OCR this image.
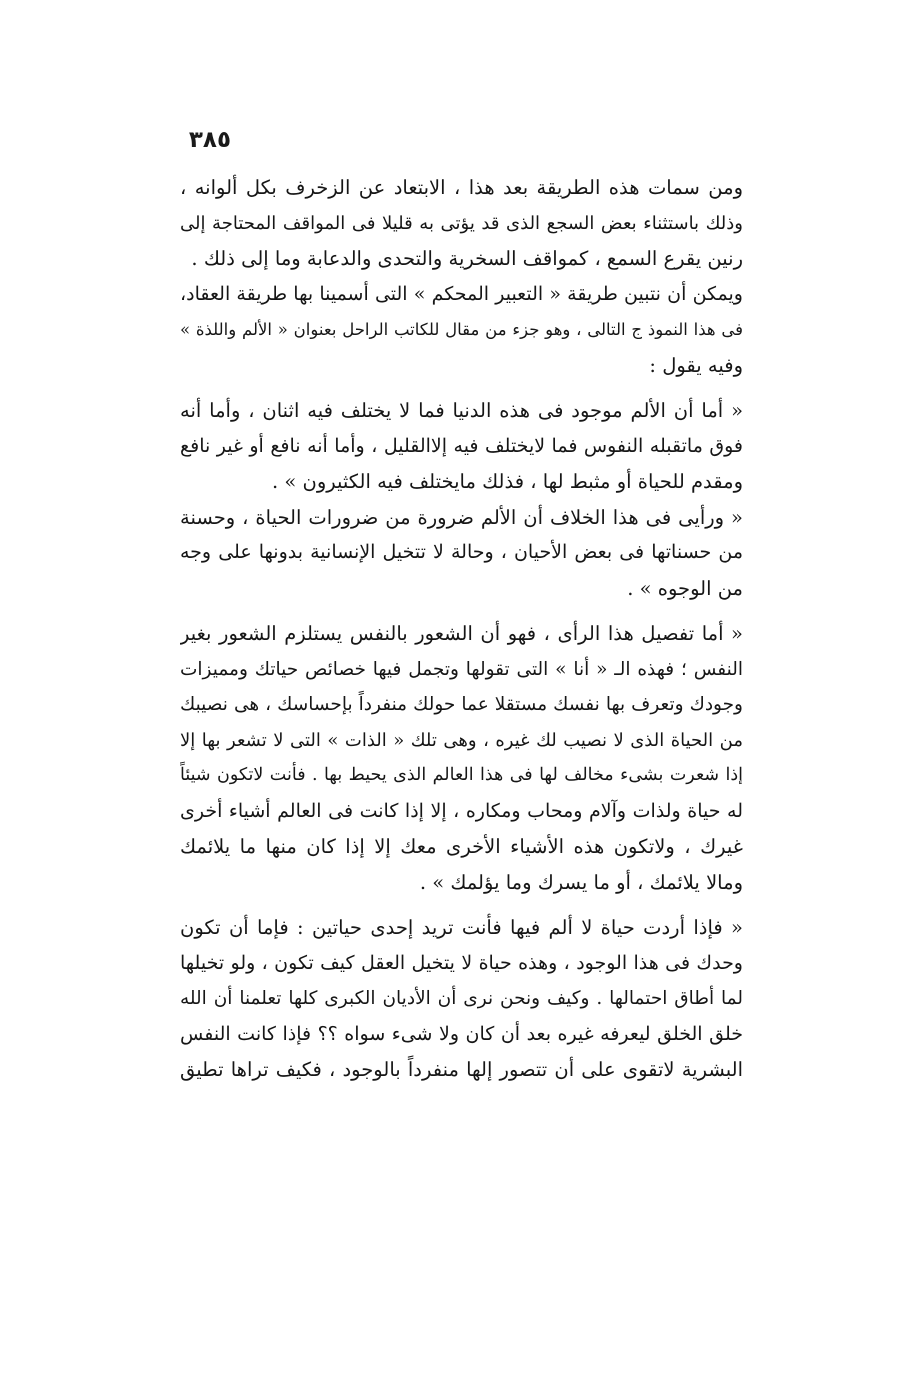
٣٨٥
ومن سمات هذه الطريقة بعد هذا ، الابتعاد عن الزخرف بكل ألوانه ،
وذلك باستثناء بعض السجع الذى قد يؤتى به قليلا فى المواقف المحتاجة إلى
رنين يقرع السمع ، كمواقف السخرية والتحدى والدعابة وما إلى ذلك .
ويمكن أن نتبين طريقة « التعبير المحكم » التى أسمينا بها طريقة العقاد،
فى هذا النموذ ج التالى ، وهو جزء من مقال للكاتب الراحل بعنوان « الألم واللذة »
وفيه يقول :
« أما أن الألم موجود فى هذه الدنيا فما لا يختلف فيه اثنان ، وأما أنه
فوق ماتقبله النفوس فما لايختلف فيه إلاالقليل ، وأما أنه نافع أو غير نافع
ومقدم للحياة أو مثبط لها ، فذلك مايختلف فيه الكثيرون » .
« ورأيى فى هذا الخلاف أن الألم ضرورة من ضرورات الحياة ، وحسنة
من حسناتها فى بعض الأحيان ، وحالة لا تتخيل الإنسانية بدونها على وجه
من الوجوه » .
« أما تفصيل هذا الرأى ، فهو أن الشعور بالنفس يستلزم الشعور بغير
النفس ؛ فهذه الـ « أنا » التى تقولها وتجمل فيها خصائص حياتك ومميزات
وجودك وتعرف بها نفسك مستقلا عما حولك منفرداً بإحساسك ، هى نصيبك
من الحياة الذى لا نصيب لك غيره ، وهى تلك « الذات » التى لا تشعر بها إلا
إذا شعرت بشىء مخالف لها فى هذا العالم الذى يحيط بها . فأنت لاتكون شيئاً
له حياة ولذات وآلام ومحاب ومكاره ، إلا إذا كانت فى العالم أشياء أخرى
غيرك ، ولاتكون هذه الأشياء الأخرى معك إلا إذا كان منها ما يلائمك
ومالا يلائمك ، أو ما يسرك وما يؤلمك » .
« فإذا أردت حياة لا ألم فيها فأنت تريد إحدى حياتين : فإما أن تكون
وحدك فى هذا الوجود ، وهذه حياة لا يتخيل العقل كيف تكون ، ولو تخيلها
لما أطاق احتمالها . وكيف ونحن نرى أن الأديان الكبرى كلها تعلمنا أن الله
خلق الخلق ليعرفه غيره بعد أن كان ولا شىء سواه ؟؟ فإذا كانت النفس
البشرية لاتقوى على أن تتصور إلها منفرداً بالوجود ، فكيف تراها تطيق
